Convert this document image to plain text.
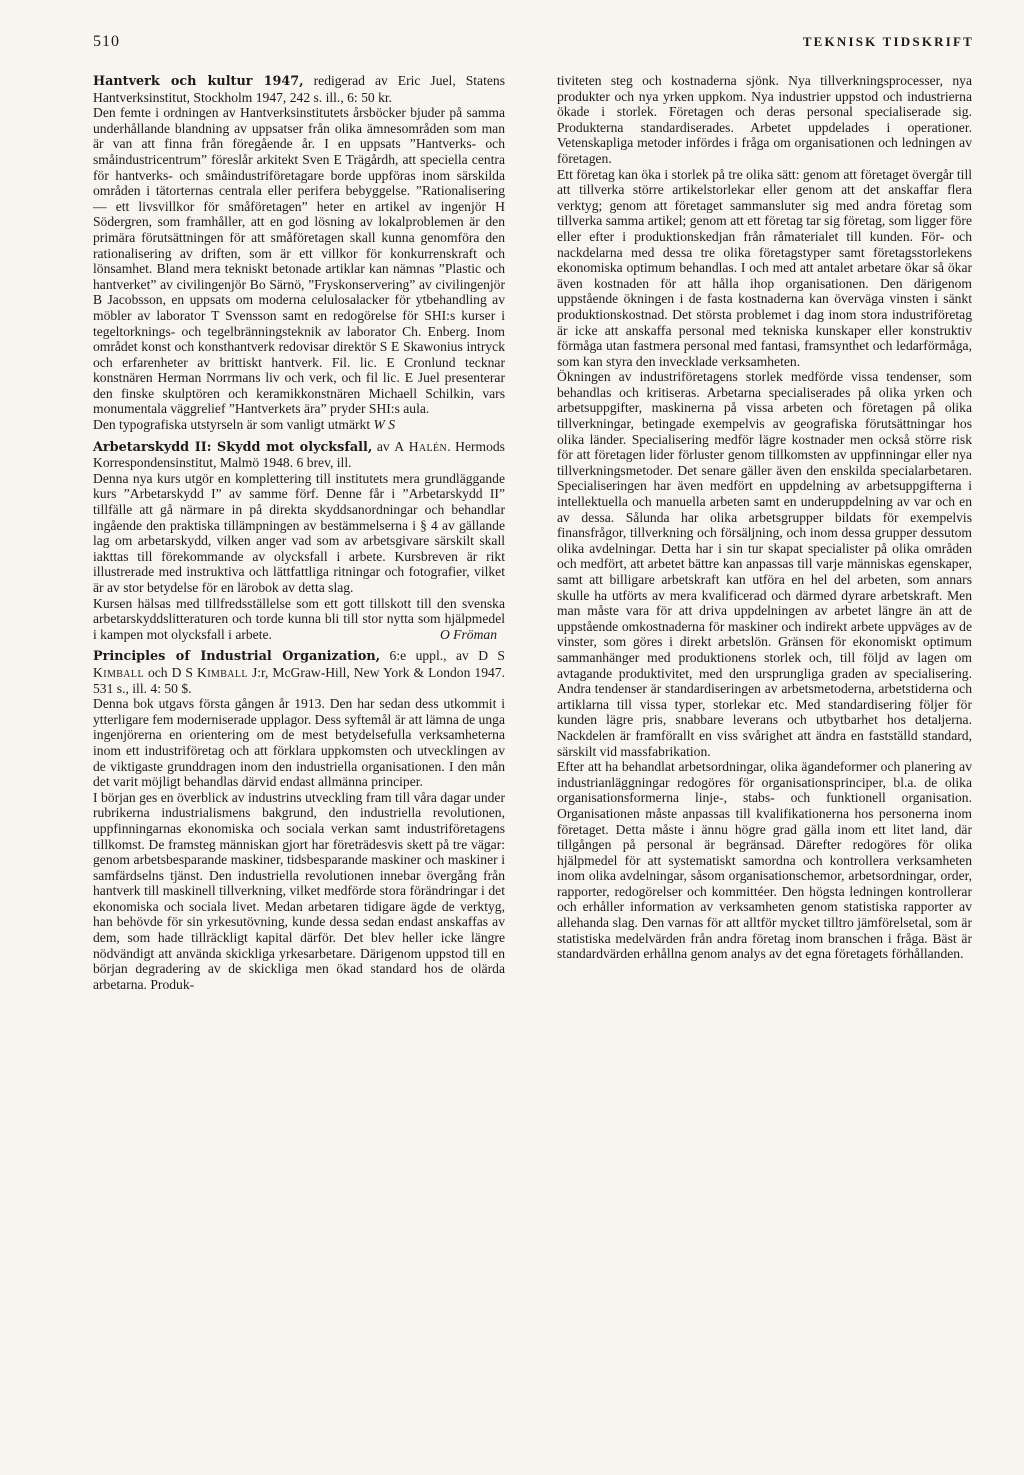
510	TEKNISK TIDSKRIFT

Hantverk och kultur 1947, redigerad av Eric Juel, Statens Hantverksinstitut, Stockholm 1947, 242 s. ill., 6: 50 kr.

Den femte i ordningen av Hantverksinstitutets årsböcker bjuder på samma underhållande blandning av uppsatser från olika ämnesområden som man är van att finna från föregående år. I en uppsats ”Hantverks- och småindustricentrum” föreslår arkitekt Sven E Trägårdh, att speciella centra för hantverks- och småindustriföretagare borde uppföras inom särskilda områden i tätorternas centrala eller perifera bebyggelse. ”Rationalisering — ett livsvillkor för småföretagen” heter en artikel av ingenjör H Södergren, som framhåller, att en god lösning av lokalproblemen är den primära förutsättningen för att småföretagen skall kunna genomföra den rationalisering av driften, som är ett villkor för konkurrenskraft och lönsamhet. Bland mera tekniskt betonade artiklar kan nämnas ”Plastic och hantverket” av civilingenjör Bo Särnö, ”Fryskonservering” av civilingenjör B Jacobsson, en uppsats om moderna celulosalacker för ytbehandling av möbler av laborator T Svensson samt en redogörelse för SHI:s kurser i tegeltorknings- och tegelbränningsteknik av laborator Ch. Enberg. Inom området konst och konsthantverk redovisar direktör S E Skawonius intryck och erfarenheter av brittiskt hantverk. Fil. lic. E Cronlund tecknar konstnären Herman Norrmans liv och verk, och fil lic. E Juel presenterar den finske skulptören och keramikkonstnären Michaell Schilkin, vars monumentala väggrelief ”Hantverkets ära” pryder SHI:s aula.

Den typografiska utstyrseln är som vanligt utmärkt W S

Arbetarskydd II: Skydd mot olycksfall, av A Halén. Hermods Korrespondensinstitut, Malmö 1948. 6 brev, ill.

Denna nya kurs utgör en komplettering till institutets mera grundläggande kurs ”Arbetarskydd I” av samme förf. Denne får i ”Arbetarskydd II” tillfälle att gå närmare in på direkta skyddsanordningar och behandlar ingående den praktiska tillämpningen av bestämmelserna i § 4 av gällande lag om arbetarskydd, vilken anger vad som av arbetsgivare särskilt skall iakttas till förekommande av olycksfall i arbete. Kursbreven är rikt illustrerade med instruktiva och lättfattliga ritningar och fotografier, vilket är av stor betydelse för en lärobok av detta slag.

Kursen hälsas med tillfredsställelse som ett gott tillskott till den svenska arbetarskyddslitteraturen och torde kunna bli till stor nytta som hjälpmedel i kampen mot olycksfall i arbete.	O Fröman

Principles of Industrial Organization, 6:e uppl., av D S Kimball och D S Kimball J:r, McGraw-Hill, New York & London 1947. 531 s., ill. 4: 50 $.

Denna bok utgavs första gången år 1913. Den har sedan dess utkommit i ytterligare fem moderniserade upplagor. Dess syftemål är att lämna de unga ingenjörerna en orientering om de mest betydelsefulla verksamheterna inom ett industriföretag och att förklara uppkomsten och utvecklingen av de viktigaste grunddragen inom den industriella organisationen. I den mån det varit möjligt behandlas därvid endast allmänna principer.

I början ges en överblick av industrins utveckling fram till våra dagar under rubrikerna industrialismens bakgrund, den industriella revolutionen, uppfinningarnas ekonomiska och sociala verkan samt industriföretagens tillkomst. De framsteg människan gjort har företrädesvis skett på tre vägar: genom arbetsbesparande maskiner, tidsbesparande maskiner och maskiner i samfärdselns tjänst. Den industriella revolutionen innebar övergång från hantverk till maskinell tillverkning, vilket medförde stora förändringar i det ekonomiska och sociala livet. Medan arbetaren tidigare ägde de verktyg, han behövde för sin yrkesutövning, kunde dessa sedan endast anskaffas av dem, som hade tillräckligt kapital därför. Det blev heller icke längre nödvändigt att använda skickliga yrkesarbetare. Därigenom uppstod till en början degradering av de skickliga men ökad standard hos de olärda arbetarna. Produk-

tiviteten steg och kostnaderna sjönk. Nya tillverkningsprocesser, nya produkter och nya yrken uppkom. Nya industrier uppstod och industrierna ökade i storlek. Företagen och deras personal specialiserade sig. Produkterna standardiserades. Arbetet uppdelades i operationer. Vetenskapliga metoder infördes i fråga om organisationen och ledningen av företagen.

Ett företag kan öka i storlek på tre olika sätt: genom att företaget övergår till att tillverka större artikelstorlekar eller genom att det anskaffar flera verktyg; genom att företaget sammansluter sig med andra företag som tillverka samma artikel; genom att ett företag tar sig företag, som ligger före eller efter i produktionskedjan från råmaterialet till kunden. För- och nackdelarna med dessa tre olika företagstyper samt företagsstorlekens ekonomiska optimum behandlas. I och med att antalet arbetare ökar så ökar även kostnaden för att hålla ihop organisationen. Den därigenom uppstående ökningen i de fasta kostnaderna kan överväga vinsten i sänkt produktionskostnad. Det största problemet i dag inom stora industriföretag är icke att anskaffa personal med tekniska kunskaper eller konstruktiv förmåga utan fastmera personal med fantasi, framsynthet och ledarförmåga, som kan styra den invecklade verksamheten.

Ökningen av industriföretagens storlek medförde vissa tendenser, som behandlas och kritiseras. Arbetarna specialiserades på olika yrken och arbetsuppgifter, maskinerna på vissa arbeten och företagen på olika tillverkningar, betingade exempelvis av geografiska förutsättningar hos olika länder. Specialisering medför lägre kostnader men också större risk för att företagen lider förluster genom tillkomsten av uppfinningar eller nya tillverkningsmetoder. Det senare gäller även den enskilda specialarbetaren. Specialiseringen har även medfört en uppdelning av arbetsuppgifterna i intellektuella och manuella arbeten samt en underuppdelning av var och en av dessa. Sålunda har olika arbetsgrupper bildats för exempelvis finansfrågor, tillverkning och försäljning, och inom dessa grupper dessutom olika avdelningar. Detta har i sin tur skapat specialister på olika områden och medfört, att arbetet bättre kan anpassas till varje människas egenskaper, samt att billigare arbetskraft kan utföra en hel del arbeten, som annars skulle ha utförts av mera kvalificerad och därmed dyrare arbetskraft. Men man måste vara för att driva uppdelningen av arbetet längre än att de uppstående omkostnaderna för maskiner och indirekt arbete uppväges av de vinster, som göres i direkt arbetslön. Gränsen för ekonomiskt optimum sammanhänger med produktionens storlek och, till följd av lagen om avtagande produktivitet, med den ursprungliga graden av specialisering. Andra tendenser är standardiseringen av arbetsmetoderna, arbetstiderna och artiklarna till vissa typer, storlekar etc. Med standardisering följer för kunden lägre pris, snabbare leverans och utbytbarhet hos detaljerna. Nackdelen är framförallt en viss svårighet att ändra en fastställd standard, särskilt vid massfabrikation.

Efter att ha behandlat arbetsordningar, olika ägandeformer och planering av industrianläggningar redogöres för organisationsprinciper, bl.a. de olika organisationsformerna linje-, stabs- och funktionell organisation. Organisationen måste anpassas till kvalifikationerna hos personerna inom företaget. Detta måste i ännu högre grad gälla inom ett litet land, där tillgången på personal är begränsad. Därefter redogöres för olika hjälpmedel för att systematiskt samordna och kontrollera verksamheten inom olika avdelningar, såsom organisationschemor, arbetsordningar, order, rapporter, redogörelser och kommittéer. Den högsta ledningen kontrollerar och erhåller information av verksamheten genom statistiska rapporter av allehanda slag. Den varnas för att alltför mycket tilltro jämförelsetal, som är statistiska medelvärden från andra företag inom branschen i fråga. Bäst är standardvärden erhållna genom analys av det egna företagets förhållanden.
